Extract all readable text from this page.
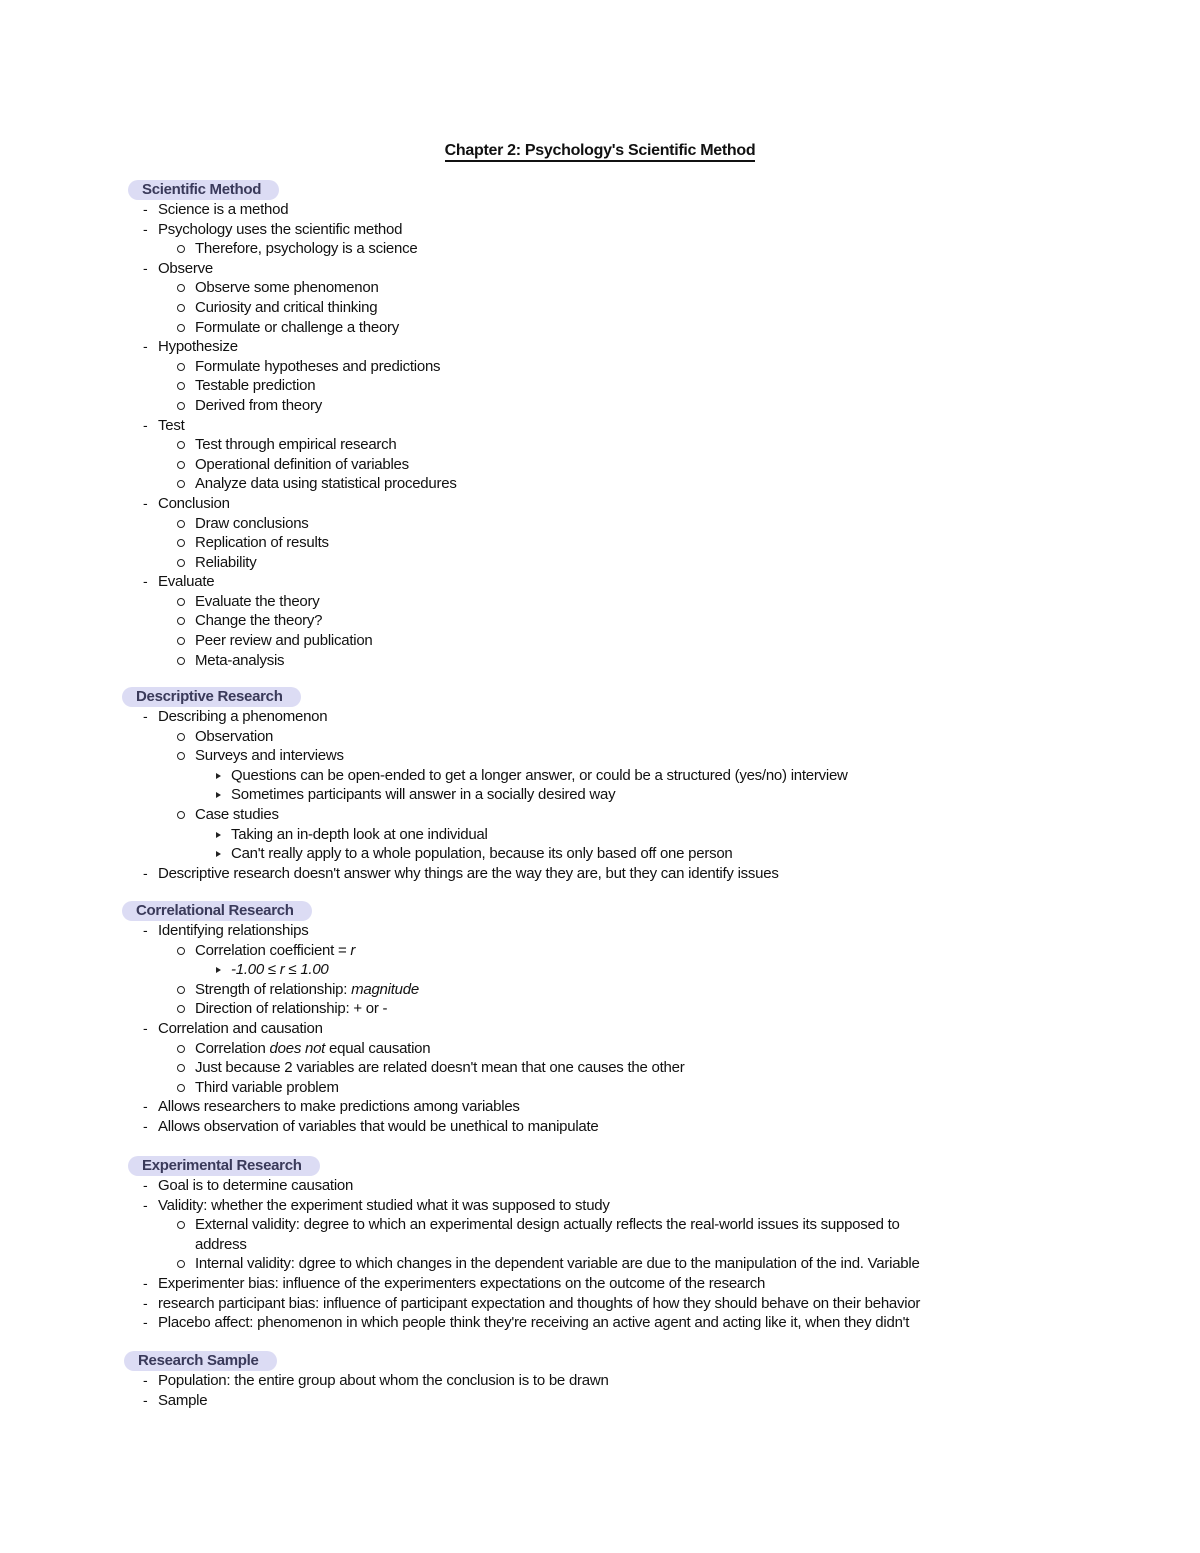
Chapter 2: Psychology's Scientific Method
Scientific Method
- Science is a method
- Psychology uses the scientific method
Therefore, psychology is a science
- Observe
Observe some phenomenon
Curiosity and critical thinking
Formulate or challenge a theory
- Hypothesize
Formulate hypotheses and predictions
Testable prediction
Derived from theory
- Test
Test through empirical research
Operational definition of variables
Analyze data using statistical procedures
- Conclusion
Draw conclusions
Replication of results
Reliability
- Evaluate
Evaluate the theory
Change the theory?
Peer review and publication
Meta-analysis
Descriptive Research
- Describing a phenomenon
Observation
Surveys and interviews
Questions can be open-ended to get a longer answer, or could be a structured (yes/no) interview
Sometimes participants will answer in a socially desired way
Case studies
Taking an in-depth look at one individual
Can't really apply to a whole population, because its only based off one person
- Descriptive research doesn't answer why things are the way they are, but they can identify issues
Correlational Research
- Identifying relationships
Correlation coefficient = r
-1.00 ≤ r ≤ 1.00
Strength of relationship: magnitude
Direction of relationship: + or -
- Correlation and causation
Correlation does not equal causation
Just because 2 variables are related doesn't mean that one causes the other
Third variable problem
- Allows researchers to make predictions among variables
- Allows observation of variables that would be unethical to manipulate
Experimental Research
- Goal is to determine causation
- Validity: whether the experiment studied what it was supposed to study
External validity: degree to which an experimental design actually reflects the real-world issues its supposed to
address
Internal validity: dgree to which changes in the dependent variable are due to the manipulation of the ind. Variable
- Experimenter bias: influence of the experimenters expectations on the outcome of the research
- research participant bias: influence of participant expectation and thoughts of how they should behave on their behavior
- Placebo affect: phenomenon in which people think they're receiving an active agent and acting like it, when they didn't
Research Sample
- Population: the entire group about whom the conclusion is to be drawn
- Sample
